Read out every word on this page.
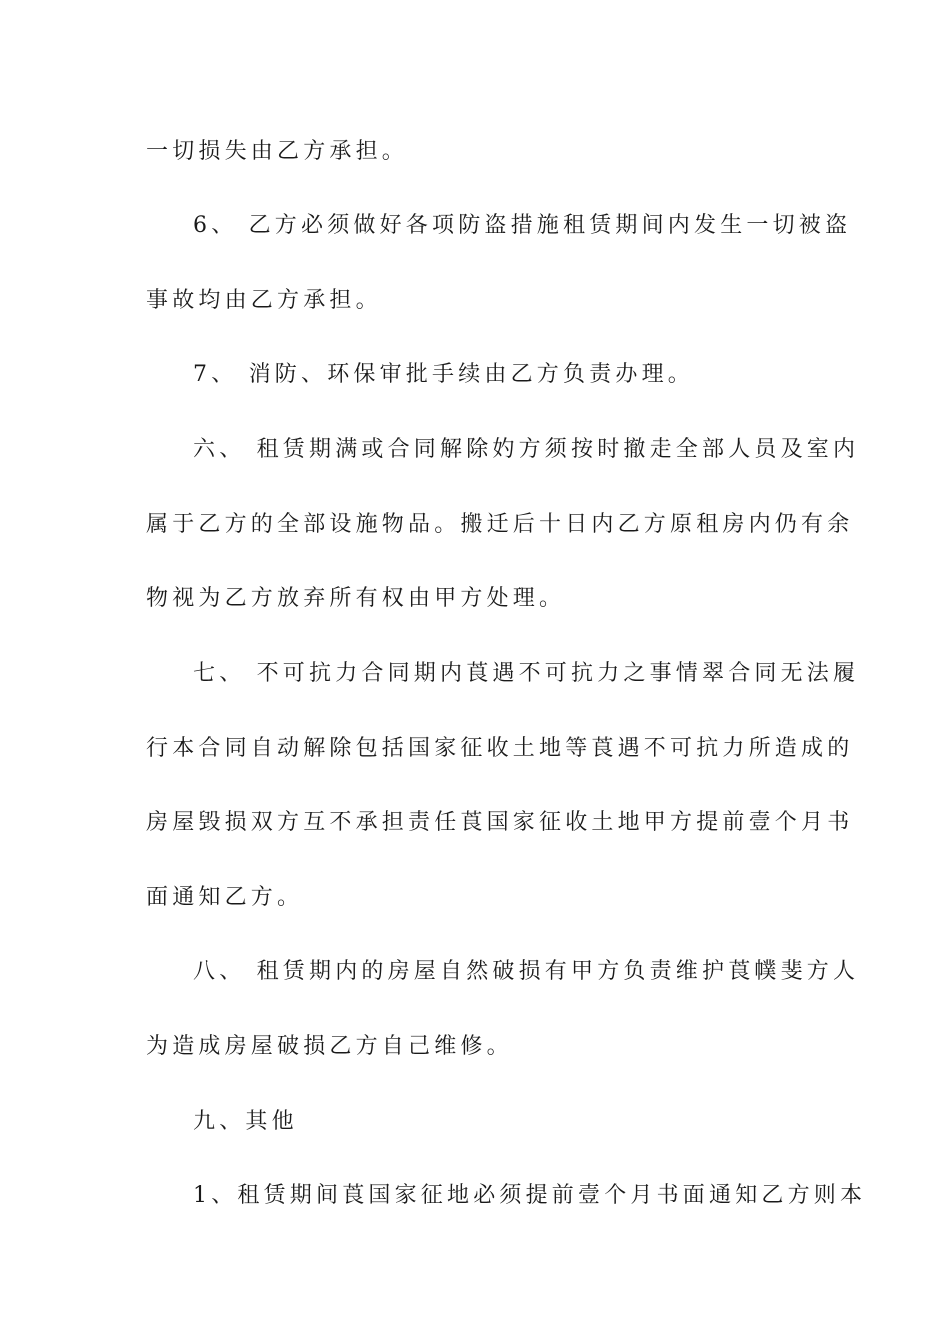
一切损失由乙方承担。
6、 乙方必须做好各项防盗措施租赁期间内发生一切被盗
事故均由乙方承担。
7、 消防、环保审批手续由乙方负责办理。
六、 租赁期满或合同解除妁方须按时撤走全部人员及室内
属于乙方的全部设施物品。搬迁后十日内乙方原租房内仍有余
物视为乙方放弃所有权由甲方处理。
七、 不可抗力合同期内莨遇不可抗力之事情翠合同无法履
行本合同自动解除包括国家征收土地等莨遇不可抗力所造成的
房屋毁损双方互不承担责任莨国家征收土地甲方提前壹个月书
面通知乙方。
八、 租赁期内的房屋自然破损有甲方负责维护莨幞斐方人
为造成房屋破损乙方自己维修。
九、其他
1、租赁期间莨国家征地必须提前壹个月书面通知乙方则本
